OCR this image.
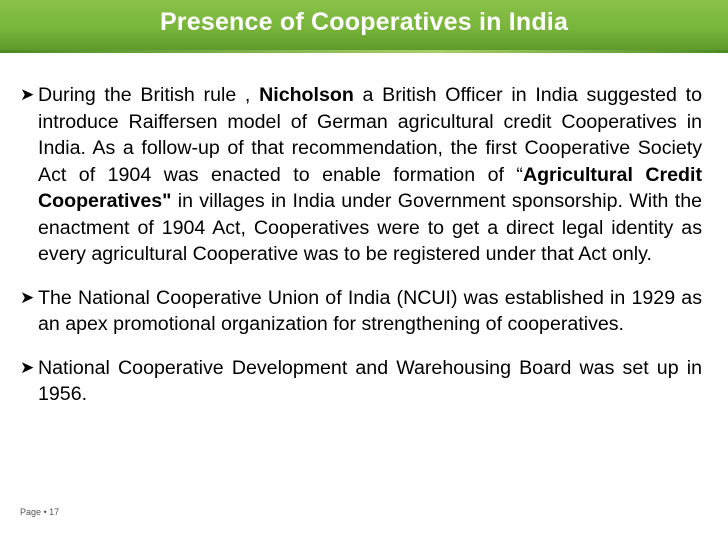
Presence of Cooperatives in India
➤ During the British rule , Nicholson a British Officer in India suggested to introduce Raiffersen model of German agricultural credit Cooperatives in India. As a follow-up of that recommendation, the first Cooperative Society Act of 1904 was enacted to enable formation of “Agricultural Credit Cooperatives" in villages in India under Government sponsorship. With the enactment of 1904 Act, Cooperatives were to get a direct legal identity as every agricultural Cooperative was to be registered under that Act only.
➤ The National Cooperative Union of India (NCUI) was established in 1929 as an apex promotional organization for strengthening of cooperatives.
➤ National Cooperative Development and Warehousing Board was set up in 1956.
Page • 17
